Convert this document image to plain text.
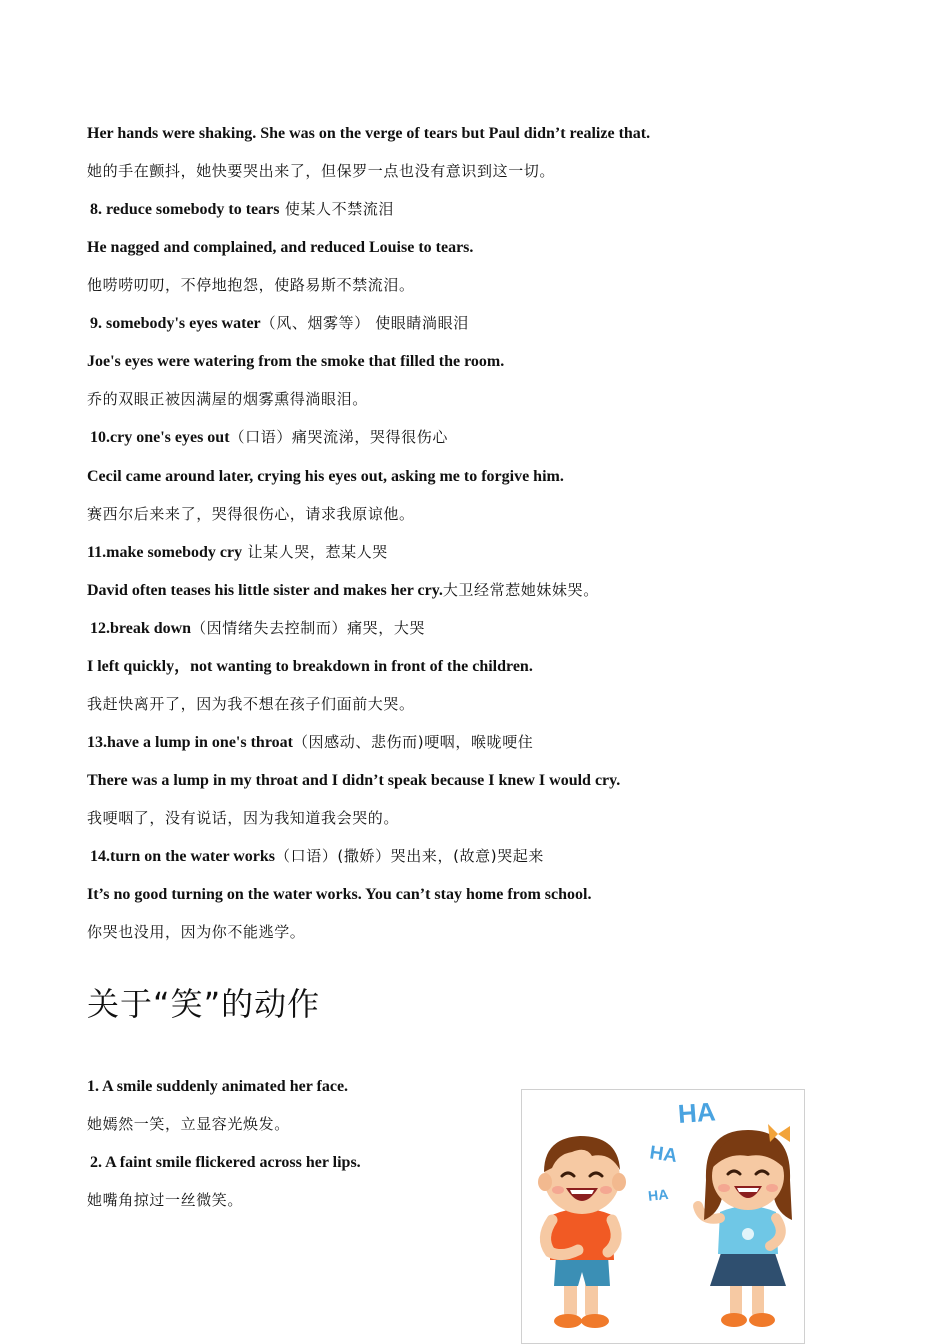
Her hands were shaking. She was on the verge of tears but Paul didn’t realize that.
她的手在颤抖，她快要哭出来了，但保罗一点也没有意识到这一切。
8. reduce somebody to tears 使某人不禁流泪
He nagged and complained, and reduced Louise to tears.
他唠唠叨叨，不停地抱怨，使路易斯不禁流泪。
9. somebody's eyes water（风、烟雾等） 使眼睛淌眼泪
Joe's eyes were watering from the smoke that filled the room.
乔的双眼正被因满屋的烟雾熏得淌眼泪。
10.cry one's eyes out（口语）痛哭流涕，哭得很伤心
Cecil came around later, crying his eyes out, asking me to forgive him.
赛西尔后来来了，哭得很伤心，请求我原谅他。
11.make somebody cry 让某人哭，惹某人哭
David often teases his little sister and makes her cry.大卫经常惹她妹妹哭。
12.break down（因情绪失去控制而）痛哭，大哭
I left quickly，not wanting to breakdown in front of the children.
我赶快离开了，因为我不想在孩子们面前大哭。
13.have a lump in one's throat（因感动、悲伤而)哽咽，喉咙哽住
There was a lump in my throat and I didn’t speak because I knew I would cry.
我哽咽了，没有说话，因为我知道我会哭的。
14.turn on the water works（口语）(撒娇）哭出来，(故意)哭起来
It’s no good turning on the water works. You can’t stay home from school.
你哭也没用，因为你不能逃学。
关于“笑”的动作
1. A smile suddenly animated her face.
她嫣然一笑，立显容光焕发。
2. A faint smile flickered across her lips.
她嘴角掠过一丝微笑。
HA
HA
HA
